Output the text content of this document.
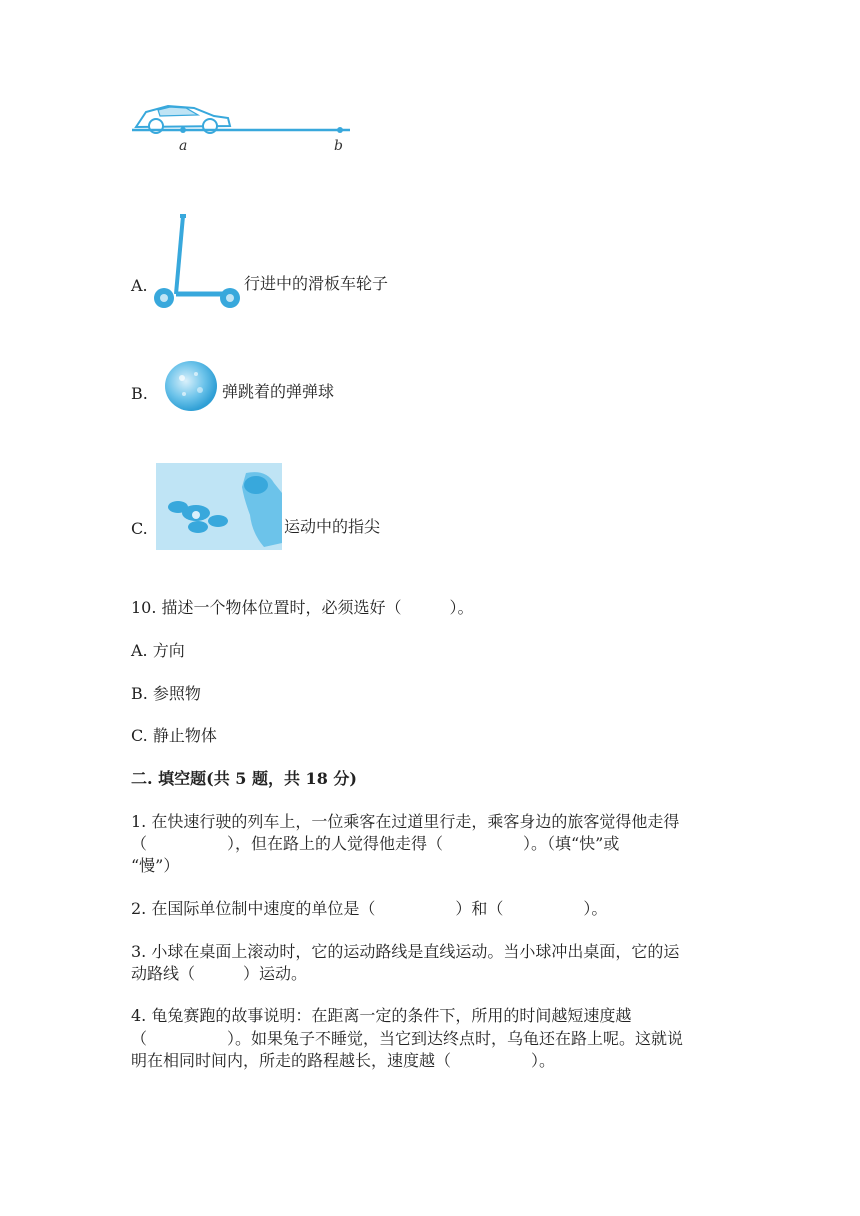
a	b
A.	行进中的滑板车轮子
B.	弹跳着的弹弹球
C.	运动中的指尖
10. 描述一个物体位置时，必须选好（　　　）。
A. 方向
B. 参照物
C. 静止物体
二. 填空题(共 5 题，共 18 分)
1. 在快速行驶的列车上，一位乘客在过道里行走，乘客身边的旅客觉得他走得
（　　　　　），但在路上的人觉得他走得（　　　　　）。（填“快”或
“慢”）
2. 在国际单位制中速度的单位是（　　　　　）和（　　　　　）。
3. 小球在桌面上滚动时，它的运动路线是直线运动。当小球冲出桌面，它的运
动路线（　　　）运动。
4. 龟兔赛跑的故事说明：在距离一定的条件下，所用的时间越短速度越
（　　　　　）。如果兔子不睡觉，当它到达终点时，乌龟还在路上呢。这就说
明在相同时间内，所走的路程越长，速度越（　　　　　）。
